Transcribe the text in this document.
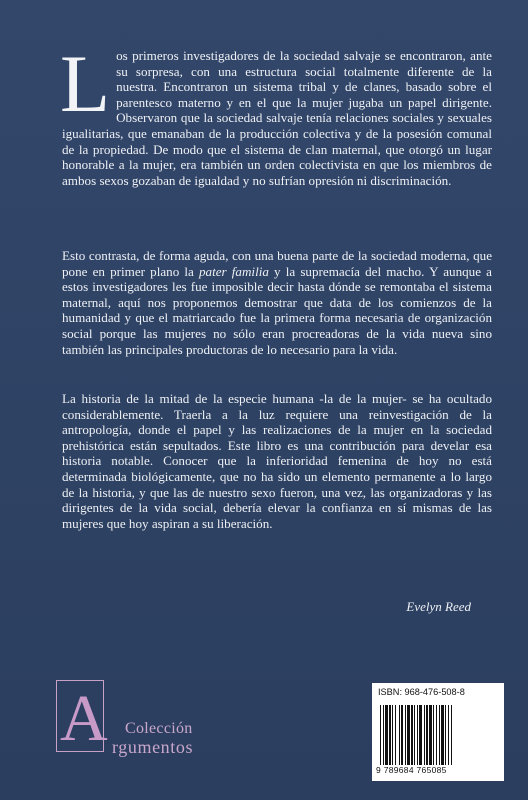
Los primeros investigadores de la sociedad salvaje se encontraron, ante su sorpresa, con una estructura social totalmente diferente de la nuestra. Encontraron un sistema tribal y de clanes, basado sobre el parentesco materno y en el que la mujer jugaba un papel dirigente. Observaron que la sociedad salvaje tenía relaciones sociales y sexuales igualitarias, que emanaban de la producción colectiva y de la posesión comunal de la propiedad. De modo que el sistema de clan maternal, que otorgó un lugar honorable a la mujer, era también un orden colectivista en que los miembros de ambos sexos gozaban de igualdad y no sufrían opresión ni discriminación.

Esto contrasta, de forma aguda, con una buena parte de la sociedad moderna, que pone en primer plano la pater familia y la supremacía del macho. Y aunque a estos investigadores les fue imposible decir hasta dónde se remontaba el sistema maternal, aquí nos proponemos demostrar que data de los comienzos de la humanidad y que el matriarcado fue la primera forma necesaria de organización social porque las mujeres no sólo eran procreadoras de la vida nueva sino también las principales productoras de lo necesario para la vida.

La historia de la mitad de la especie humana -la de la mujer- se ha ocultado considerablemente. Traerla a la luz requiere una reinvestigación de la antropología, donde el papel y las realizaciones de la mujer en la sociedad prehistórica están sepultados. Este libro es una contribución para develar esa historia notable. Conocer que la inferioridad femenina de hoy no está determinada biológicamente, que no ha sido un elemento permanente a lo largo de la historia, y que las de nuestro sexo fueron, una vez, las organizadoras y las dirigentes de la vida social, debería elevar la confianza en sí mismas de las mujeres que hoy aspiran a su liberación.

Evelyn Reed
A Colección
rgumentos
ISBN: 968-476-508-8
9 789684 765085
